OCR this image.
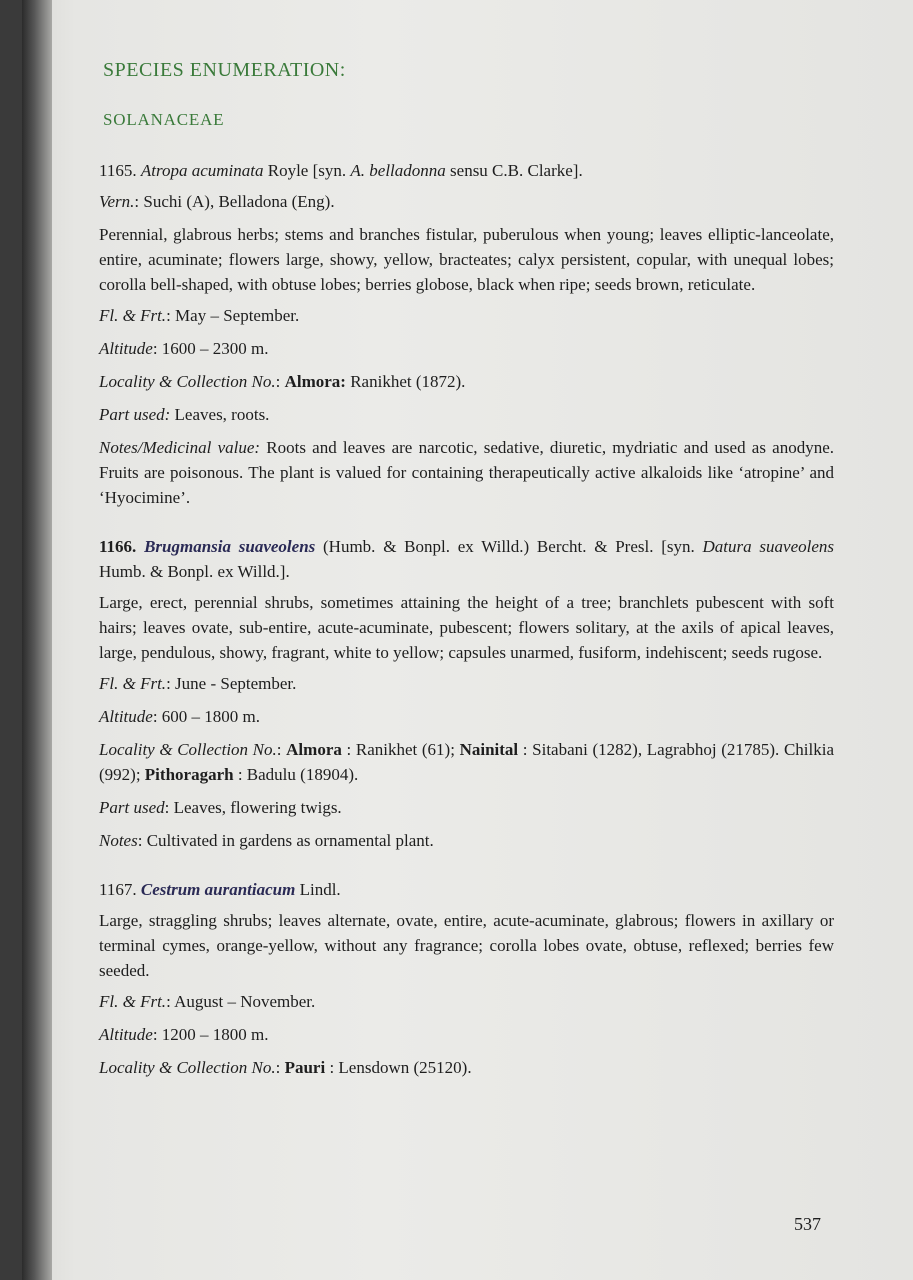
SPECIES ENUMERATION:
SOLANACEAE

1165. Atropa acuminata Royle [syn. A. belladonna sensu C.B. Clarke].

Vern.: Suchi (A), Belladona (Eng).

Perennial, glabrous herbs; stems and branches fistular, puberulous when young; leaves elliptic-lanceolate, entire, acuminate; flowers large, showy, yellow, bracteates; calyx persistent, copular, with unequal lobes; corolla bell-shaped, with obtuse lobes; berries globose, black when ripe; seeds brown, reticulate.

Fl. & Frt.: May – September.

Altitude: 1600 – 2300 m.

Locality & Collection No.: Almora: Ranikhet (1872).

Part used: Leaves, roots.

Notes/Medicinal value: Roots and leaves are narcotic, sedative, diuretic, mydriatic and used as anodyne. Fruits are poisonous. The plant is valued for containing therapeutically active alkaloids like ‘atropine’ and ‘Hyocimine’.

1166. Brugmansia suaveolens (Humb. & Bonpl. ex Willd.) Bercht. & Presl. [syn. Datura suaveolens Humb. & Bonpl. ex Willd.].

Large, erect, perennial shrubs, sometimes attaining the height of a tree; branchlets pubescent with soft hairs; leaves ovate, sub-entire, acute-acuminate, pubescent; flowers solitary, at the axils of apical leaves, large, pendulous, showy, fragrant, white to yellow; capsules unarmed, fusiform, indehiscent; seeds rugose.

Fl. & Frt.: June - September.

Altitude: 600 – 1800 m.

Locality & Collection No.: Almora : Ranikhet (61); Nainital : Sitabani (1282), Lagrabhoj (21785). Chilkia (992); Pithoragarh : Badulu (18904).

Part used: Leaves, flowering twigs.

Notes: Cultivated in gardens as ornamental plant.

1167. Cestrum aurantiacum Lindl.

Large, straggling shrubs; leaves alternate, ovate, entire, acute-acuminate, glabrous; flowers in axillary or terminal cymes, orange-yellow, without any fragrance; corolla lobes ovate, obtuse, reflexed; berries few seeded.

Fl. & Frt.: August – November.

Altitude: 1200 – 1800 m.

Locality & Collection No.: Pauri : Lensdown (25120).

537
